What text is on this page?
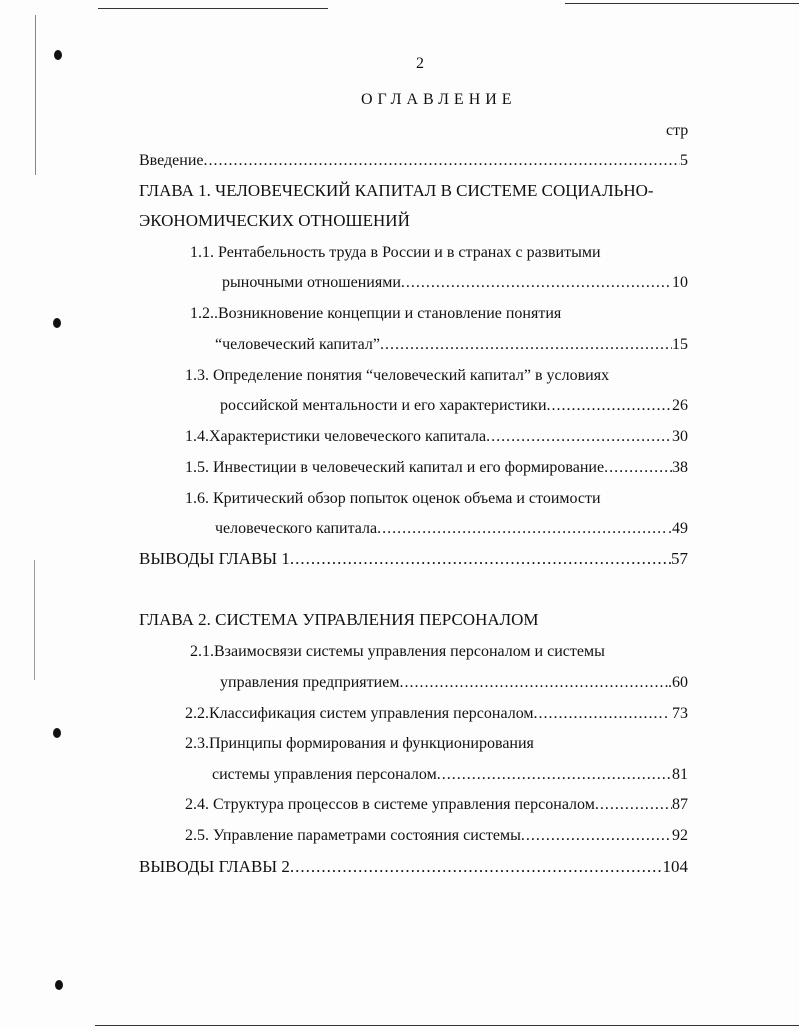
2
ОГЛАВЛЕНИЕ
стр
Введение .....	5
ГЛАВА 1. ЧЕЛОВЕЧЕСКИЙ КАПИТАЛ В СИСТЕМЕ СОЦИАЛЬНО-
ЭКОНОМИЧЕСКИХ ОТНОШЕНИЙ
1.1. Рентабельность труда в России и в странах с развитыми
рыночными отношениями .....	10
1.2..Возникновение концепции и становление понятия
“человеческий капитал” .....	15
1.3. Определение понятия “человеческий капитал” в условиях
российской ментальности и его характеристики .....	26
1.4.Характеристики человеческого капитала .....	30
1.5. Инвестиции в человеческий капитал и его формирование .....	38
1.6. Критический обзор попыток оценок объема и стоимости
человеческого капитала .....	.49
ВЫВОДЫ ГЛАВЫ 1 .....	57
ГЛАВА 2. СИСТЕМА УПРАВЛЕНИЯ ПЕРСОНАЛОМ
2.1.Взаимосвязи системы управления персоналом и системы
управления предприятием .....	.60
2.2.Классификация систем управления персоналом .....	. 73
2.3.Принципы формирования и функционирования
системы управления персоналом .....	81
2.4. Структура процессов в системе управления персоналом .....	87
2.5. Управление параметрами состояния системы .....	92
ВЫВОДЫ ГЛАВЫ 2 .....	104
